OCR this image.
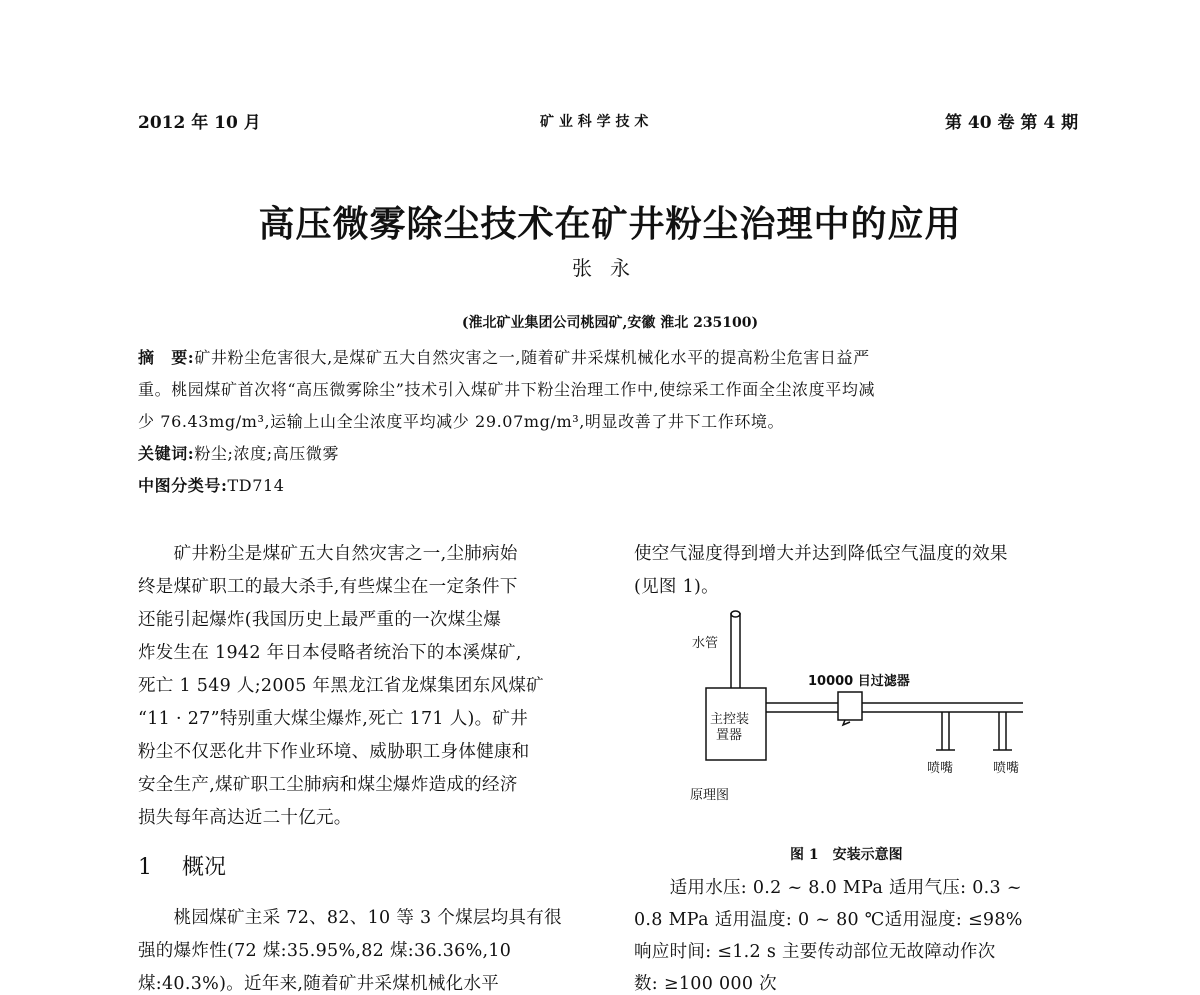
2012 年 10 月	矿 业 科 学 技 术	第 40 卷 第 4 期
高压微雾除尘技术在矿井粉尘治理中的应用
张永
(淮北矿业集团公司桃园矿,安徽 淮北 235100)
摘　要:矿井粉尘危害很大,是煤矿五大自然灾害之一,随着矿井采煤机械化水平的提高粉尘危害日益严
重。桃园煤矿首次将“高压微雾除尘”技术引入煤矿井下粉尘治理工作中,使综采工作面全尘浓度平均减
少 76.43mg/m³,运输上山全尘浓度平均减少 29.07mg/m³,明显改善了井下工作环境。
关键词:粉尘;浓度;高压微雾
中图分类号:TD714
　　矿井粉尘是煤矿五大自然灾害之一,尘肺病始
终是煤矿职工的最大杀手,有些煤尘在一定条件下
还能引起爆炸(我国历史上最严重的一次煤尘爆
炸发生在 1942 年日本侵略者统治下的本溪煤矿,
死亡 1 549 人;2005 年黑龙江省龙煤集团东风煤矿
“11 · 27”特别重大煤尘爆炸,死亡 171 人)。矿井
粉尘不仅恶化井下作业环境、威胁职工身体健康和
安全生产,煤矿职工尘肺病和煤尘爆炸造成的经济
损失每年高达近二十亿元。
1 概况
　　桃园煤矿主采 72、82、10 等 3 个煤层均具有很
强的爆炸性(72 煤:35.95%,82 煤:36.36%,10
煤:40.3%)。近年来,随着矿井采煤机械化水平
使空气湿度得到增大并达到降低空气温度的效果
(见图 1)。
水管
10000 目过滤器
主控装
置器
喷嘴	喷嘴
原理图
图 1　安装示意图
　　适用水压: 0.2 ~ 8.0 MPa 适用气压: 0.3 ~
0.8 MPa 适用温度: 0 ~ 80 ℃适用湿度: ≤98%
响应时间: ≤1.2 s 主要传动部位无故障动作次
数: ≥100 000 次
